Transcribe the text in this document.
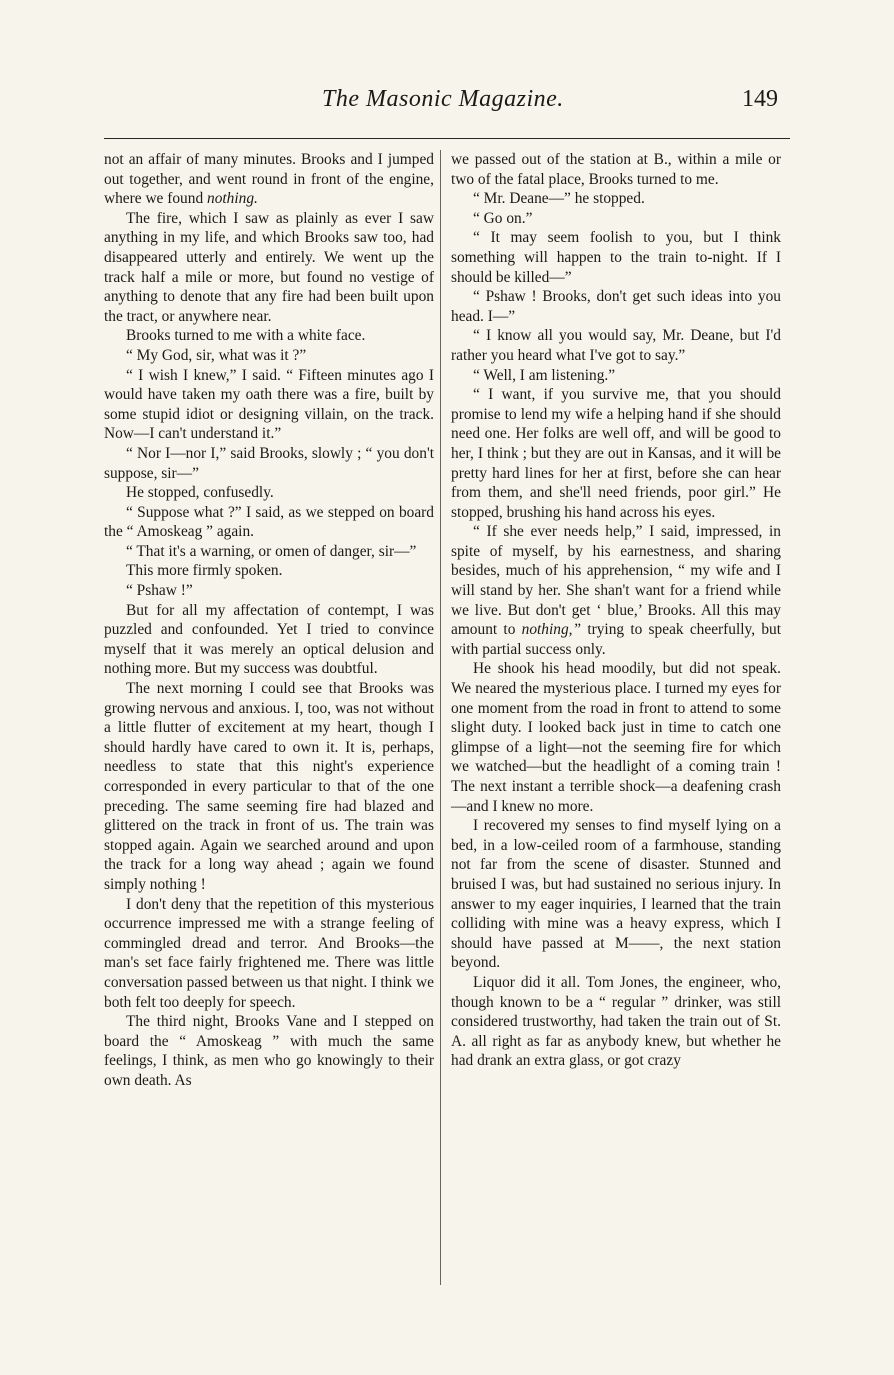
The Masonic Magazine.	149

not an affair of many minutes. Brooks and I jumped out together, and went round in front of the engine, where we found nothing.

The fire, which I saw as plainly as ever I saw anything in my life, and which Brooks saw too, had disappeared utterly and entirely. We went up the track half a mile or more, but found no vestige of anything to denote that any fire had been built upon the tract, or anywhere near.

Brooks turned to me with a white face.

“ My God, sir, what was it ?”

“ I wish I knew,” I said. “ Fifteen minutes ago I would have taken my oath there was a fire, built by some stupid idiot or designing villain, on the track. Now—I can't understand it.”

“ Nor I—nor I,” said Brooks, slowly ; “ you don't suppose, sir—”

He stopped, confusedly.

“ Suppose what ?” I said, as we stepped on board the “ Amoskeag ” again.

“ That it's a warning, or omen of danger, sir—”

This more firmly spoken.

“ Pshaw !”

But for all my affectation of contempt, I was puzzled and confounded. Yet I tried to convince myself that it was merely an optical delusion and nothing more. But my success was doubtful.

The next morning I could see that Brooks was growing nervous and anxious. I, too, was not without a little flutter of excitement at my heart, though I should hardly have cared to own it. It is, perhaps, needless to state that this night's experience corresponded in every particular to that of the one preceding. The same seeming fire had blazed and glittered on the track in front of us. The train was stopped again. Again we searched around and upon the track for a long way ahead ; again we found simply nothing !

I don't deny that the repetition of this mysterious occurrence impressed me with a strange feeling of commingled dread and terror. And Brooks—the man's set face fairly frightened me. There was little conversation passed between us that night. I think we both felt too deeply for speech.

The third night, Brooks Vane and I stepped on board the “ Amoskeag ” with much the same feelings, I think, as men who go knowingly to their own death. As

we passed out of the station at B., within a mile or two of the fatal place, Brooks turned to me.

“ Mr. Deane—” he stopped.

“ Go on.”

“ It may seem foolish to you, but I think something will happen to the train to-night. If I should be killed—”

“ Pshaw ! Brooks, don't get such ideas into you head. I—”

“ I know all you would say, Mr. Deane, but I'd rather you heard what I've got to say.”

“ Well, I am listening.”

“ I want, if you survive me, that you should promise to lend my wife a helping hand if she should need one. Her folks are well off, and will be good to her, I think ; but they are out in Kansas, and it will be pretty hard lines for her at first, before she can hear from them, and she'll need friends, poor girl.” He stopped, brushing his hand across his eyes.

“ If she ever needs help,” I said, impressed, in spite of myself, by his earnestness, and sharing besides, much of his apprehension, “ my wife and I will stand by her. She shan't want for a friend while we live. But don't get ‘ blue,’ Brooks. All this may amount to nothing,” trying to speak cheerfully, but with partial success only.

He shook his head moodily, but did not speak. We neared the mysterious place. I turned my eyes for one moment from the road in front to attend to some slight duty. I looked back just in time to catch one glimpse of a light—not the seeming fire for which we watched—but the headlight of a coming train ! The next instant a terrible shock—a deafening crash—and I knew no more.

I recovered my senses to find myself lying on a bed, in a low-ceiled room of a farmhouse, standing not far from the scene of disaster. Stunned and bruised I was, but had sustained no serious injury. In answer to my eager inquiries, I learned that the train colliding with mine was a heavy express, which I should have passed at M——, the next station beyond.

Liquor did it all. Tom Jones, the engineer, who, though known to be a “ regular ” drinker, was still considered trustworthy, had taken the train out of St. A. all right as far as anybody knew, but whether he had drank an extra glass, or got crazy
